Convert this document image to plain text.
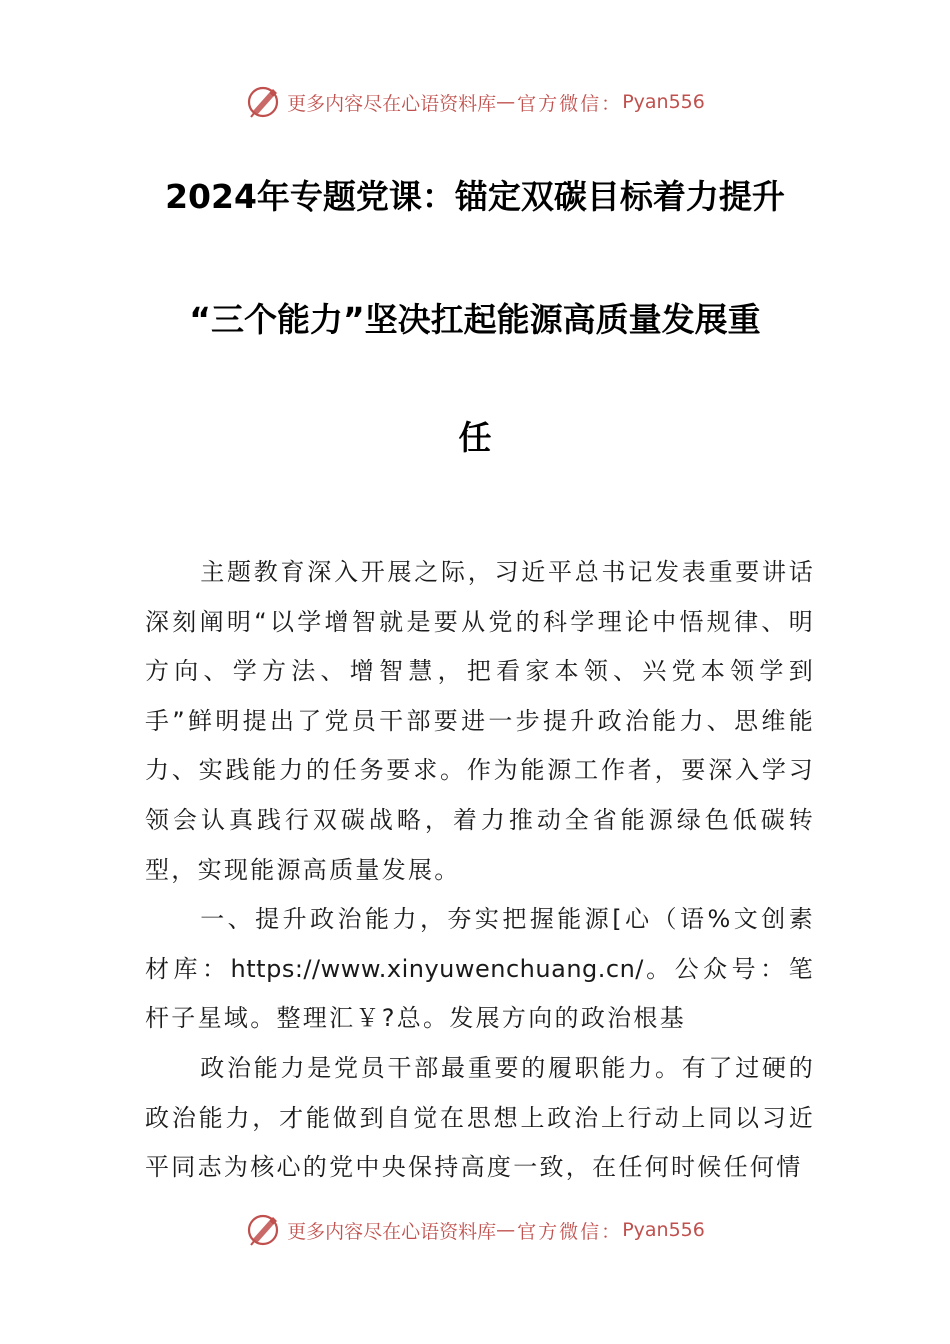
更多内容尽在心语资料库 — 官方微信： Pyan556
2024年专题党课：锚定双碳目标着力提升
“三个能力”坚决扛起能源高质量发展重
任

主题教育深入开展之际，习近平总书记发表重要讲话深刻阐明“以学增智就是要从党的科学理论中悟规律、明方向、学方法、增智慧，把看家本领、兴党本领学到手”鲜明提出了党员干部要进一步提升政治能力、思维能力、实践能力的任务要求。作为能源工作者，要深入学习领会认真践行双碳战略，着力推动全省能源绿色低碳转型，实现能源高质量发展。

一、提升政治能力，夯实把握能源[心（语%文创素材库：https://www.xinyuwenchuang.cn/。公众号：笔杆子星域。整理汇￥?总。发展方向的政治根基

政治能力是党员干部最重要的履职能力。有了过硬的政治能力，才能做到自觉在思想上政治上行动上同以习近平同志为核心的党中央保持高度一致，在任何时候任何情

更多内容尽在心语资料库 — 官方微信： Pyan556
